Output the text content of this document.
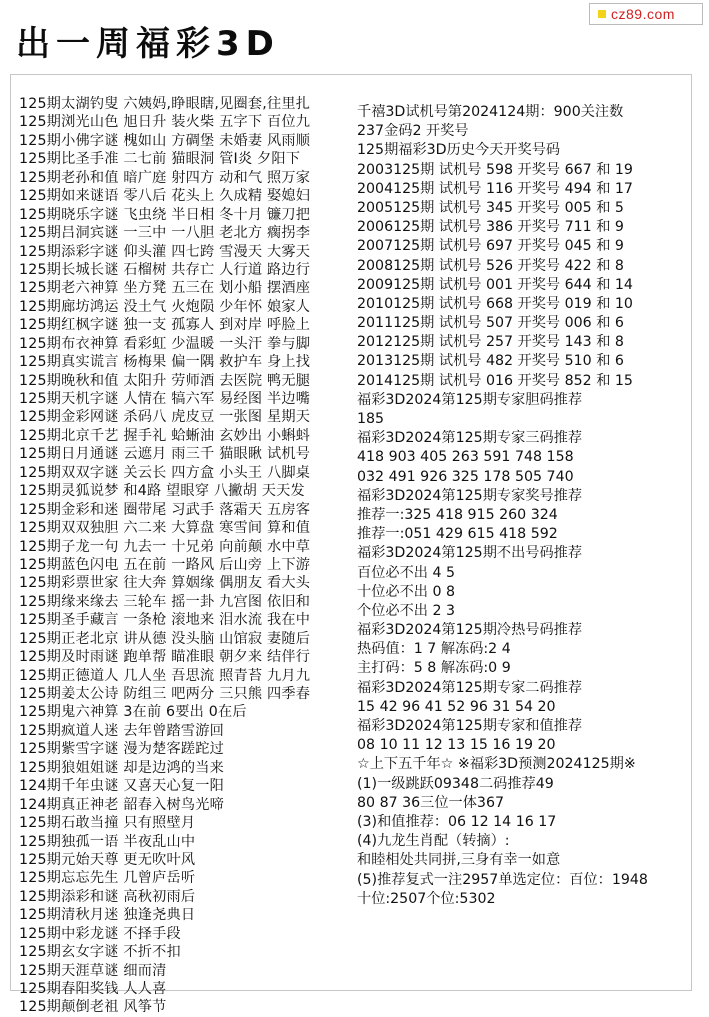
cz89.com
出一周福彩3D
125期太湖钓叟 六姨妈,睁眼瞎,见圈套,往里扎
125期浏光山色 旭日升 装火柴 五字下 百位九
125期小佛字谜 槐如山 方碉堡 未婚妻 风雨顺
125期比圣手准 二七前 猫眼洞 管Ⅰ炎 夕阳下
125期老孙和值 暗广庭 射四方 动和气 照万家
125期如来谜语 零八后 花头上 久成精 娶媳妇
125期晓乐字谜 飞虫绕 半日相 冬十月 镰刀把
125期吕洞宾谜 一三中 一八胆 老北方 瘸拐李
125期添彩字谜 仰头灌 四七跨 雪漫天 大雾天
125期长城长谜 石榴树 共存亡 人行道 路边行
125期老六神算 坐方凳 五三在 划小船 摆酒座
125期廊坊鸿运 没土气 火炮陨 少年怀 娘家人
125期红枫字谜 独一支 孤寡人 到对岸 呼脸上
125期布衣神算 看彩虹 少温暖 一头汗 拳与脚
125期真实谎言 杨梅果 偏一隅 救护车 身上找
125期晚秋和值 太阳升 劳师酒 去医院 鸭无腿
125期天机字谜 人情在 犒六军 易经图 半边嘴
125期金彩网谜 杀码八 虎皮豆 一张图 星期天
125期北京千艺 握手礼 蛤蜥油 玄妙出 小蝌蚪
125期日月通谜 云遮月 雨三千 猫眼瞅 试机号
125期双双字谜 关云长 四方盒 小头王 八脚桌
125期灵狐说梦 和4路 望眼穿 八撇胡 天天发
125期金彩和迷 圈带尾 习武手 落霜天 五房客
125期双双独胆 六二来 大算盘 寒雪间 算和值
125期子龙一句 九去一 十兄弟 向前颠 水中草
125期蓝色闪电 五在前 一路风 后山旁 上下游
125期彩票世家 往大奔 算姻缘 偶朋友 看大头
125期缘来缘去 三轮车 摇一卦 九宫图 依旧和
125期圣手藏言 一条枪 滚地来 泪水流 我在中
125期正老北京 讲从德 没头脑 山馆寂 妻随后
125期及时雨谜 跑单帮 瞄准眼 朝夕来 结伴行
125期正德道人 几人坐 吾思流 照青苔 九月九
125期姜太公诗 防组三 吧两分 三只熊 四季春
125期鬼六神算 3在前 6要出 0在后
125期疯道人迷 去年曾踏雪游回
125期紫雪字谜 漫为楚客蹉跎过
125期狼姐姐谜 却是边鸿的当来
124期千年虫谜 又喜天心复一阳
124期真正神老 韶春入树鸟光啼
125期石敢当撞 只有照壁月
125期独孤一语 半夜乱山中
125期元始天尊 更无吹叶风
125期忘忘先生 几曾庐岳听
125期添彩和谜 高秋初雨后
125期清秋月迷 独逢尧典日
125期中彩龙谜 不择手段
125期玄女字谜 不折不扣
125期天涯草谜 细而清
125期春阳奖钱 人人喜
125期颠倒老祖 风筝节
千禧3D试机号第2024124期：900关注数
237金码2 开奖号
125期福彩3D历史今天开奖号码
2003125期 试机号 598 开奖号 667 和 19
2004125期 试机号 116 开奖号 494 和 17
2005125期 试机号 345 开奖号 005 和 5
2006125期 试机号 386 开奖号 711 和 9
2007125期 试机号 697 开奖号 045 和 9
2008125期 试机号 526 开奖号 422 和 8
2009125期 试机号 001 开奖号 644 和 14
2010125期 试机号 668 开奖号 019 和 10
2011125期 试机号 507 开奖号 006 和 6
2012125期 试机号 257 开奖号 143 和 8
2013125期 试机号 482 开奖号 510 和 6
2014125期 试机号 016 开奖号 852 和 15
福彩3D2024第125期专家胆码推荐
185
福彩3D2024第125期专家三码推荐
418 903 405 263 591 748 158
032 491 926 325 178 505 740
福彩3D2024第125期专家奖号推荐
推荐一:325 418 915 260 324
推荐一:051 429 615 418 592
福彩3D2024第125期不出号码推荐
百位必不出 4 5
十位必不出 0 8
个位必不出 2 3
福彩3D2024第125期冷热号码推荐
热码值：1 7 解冻码:2 4
主打码：5 8 解冻码:0 9
福彩3D2024第125期专家二码推荐
15 42 96 41 52 96 31 54 20
福彩3D2024第125期专家和值推荐
08 10 11 12 13 15 16 19 20
☆上下五千年☆ ※福彩3D预测2024125期※
(1)一级跳跃09348二码推荐49
80 87 36三位一体367
(3)和值推荐：06 12 14 16 17
(4)九龙生肖配（转摘）:
和睦相处共同拼,三身有幸一如意
(5)推荐复式一注2957单选定位：百位：1948
十位:2507个位:5302
